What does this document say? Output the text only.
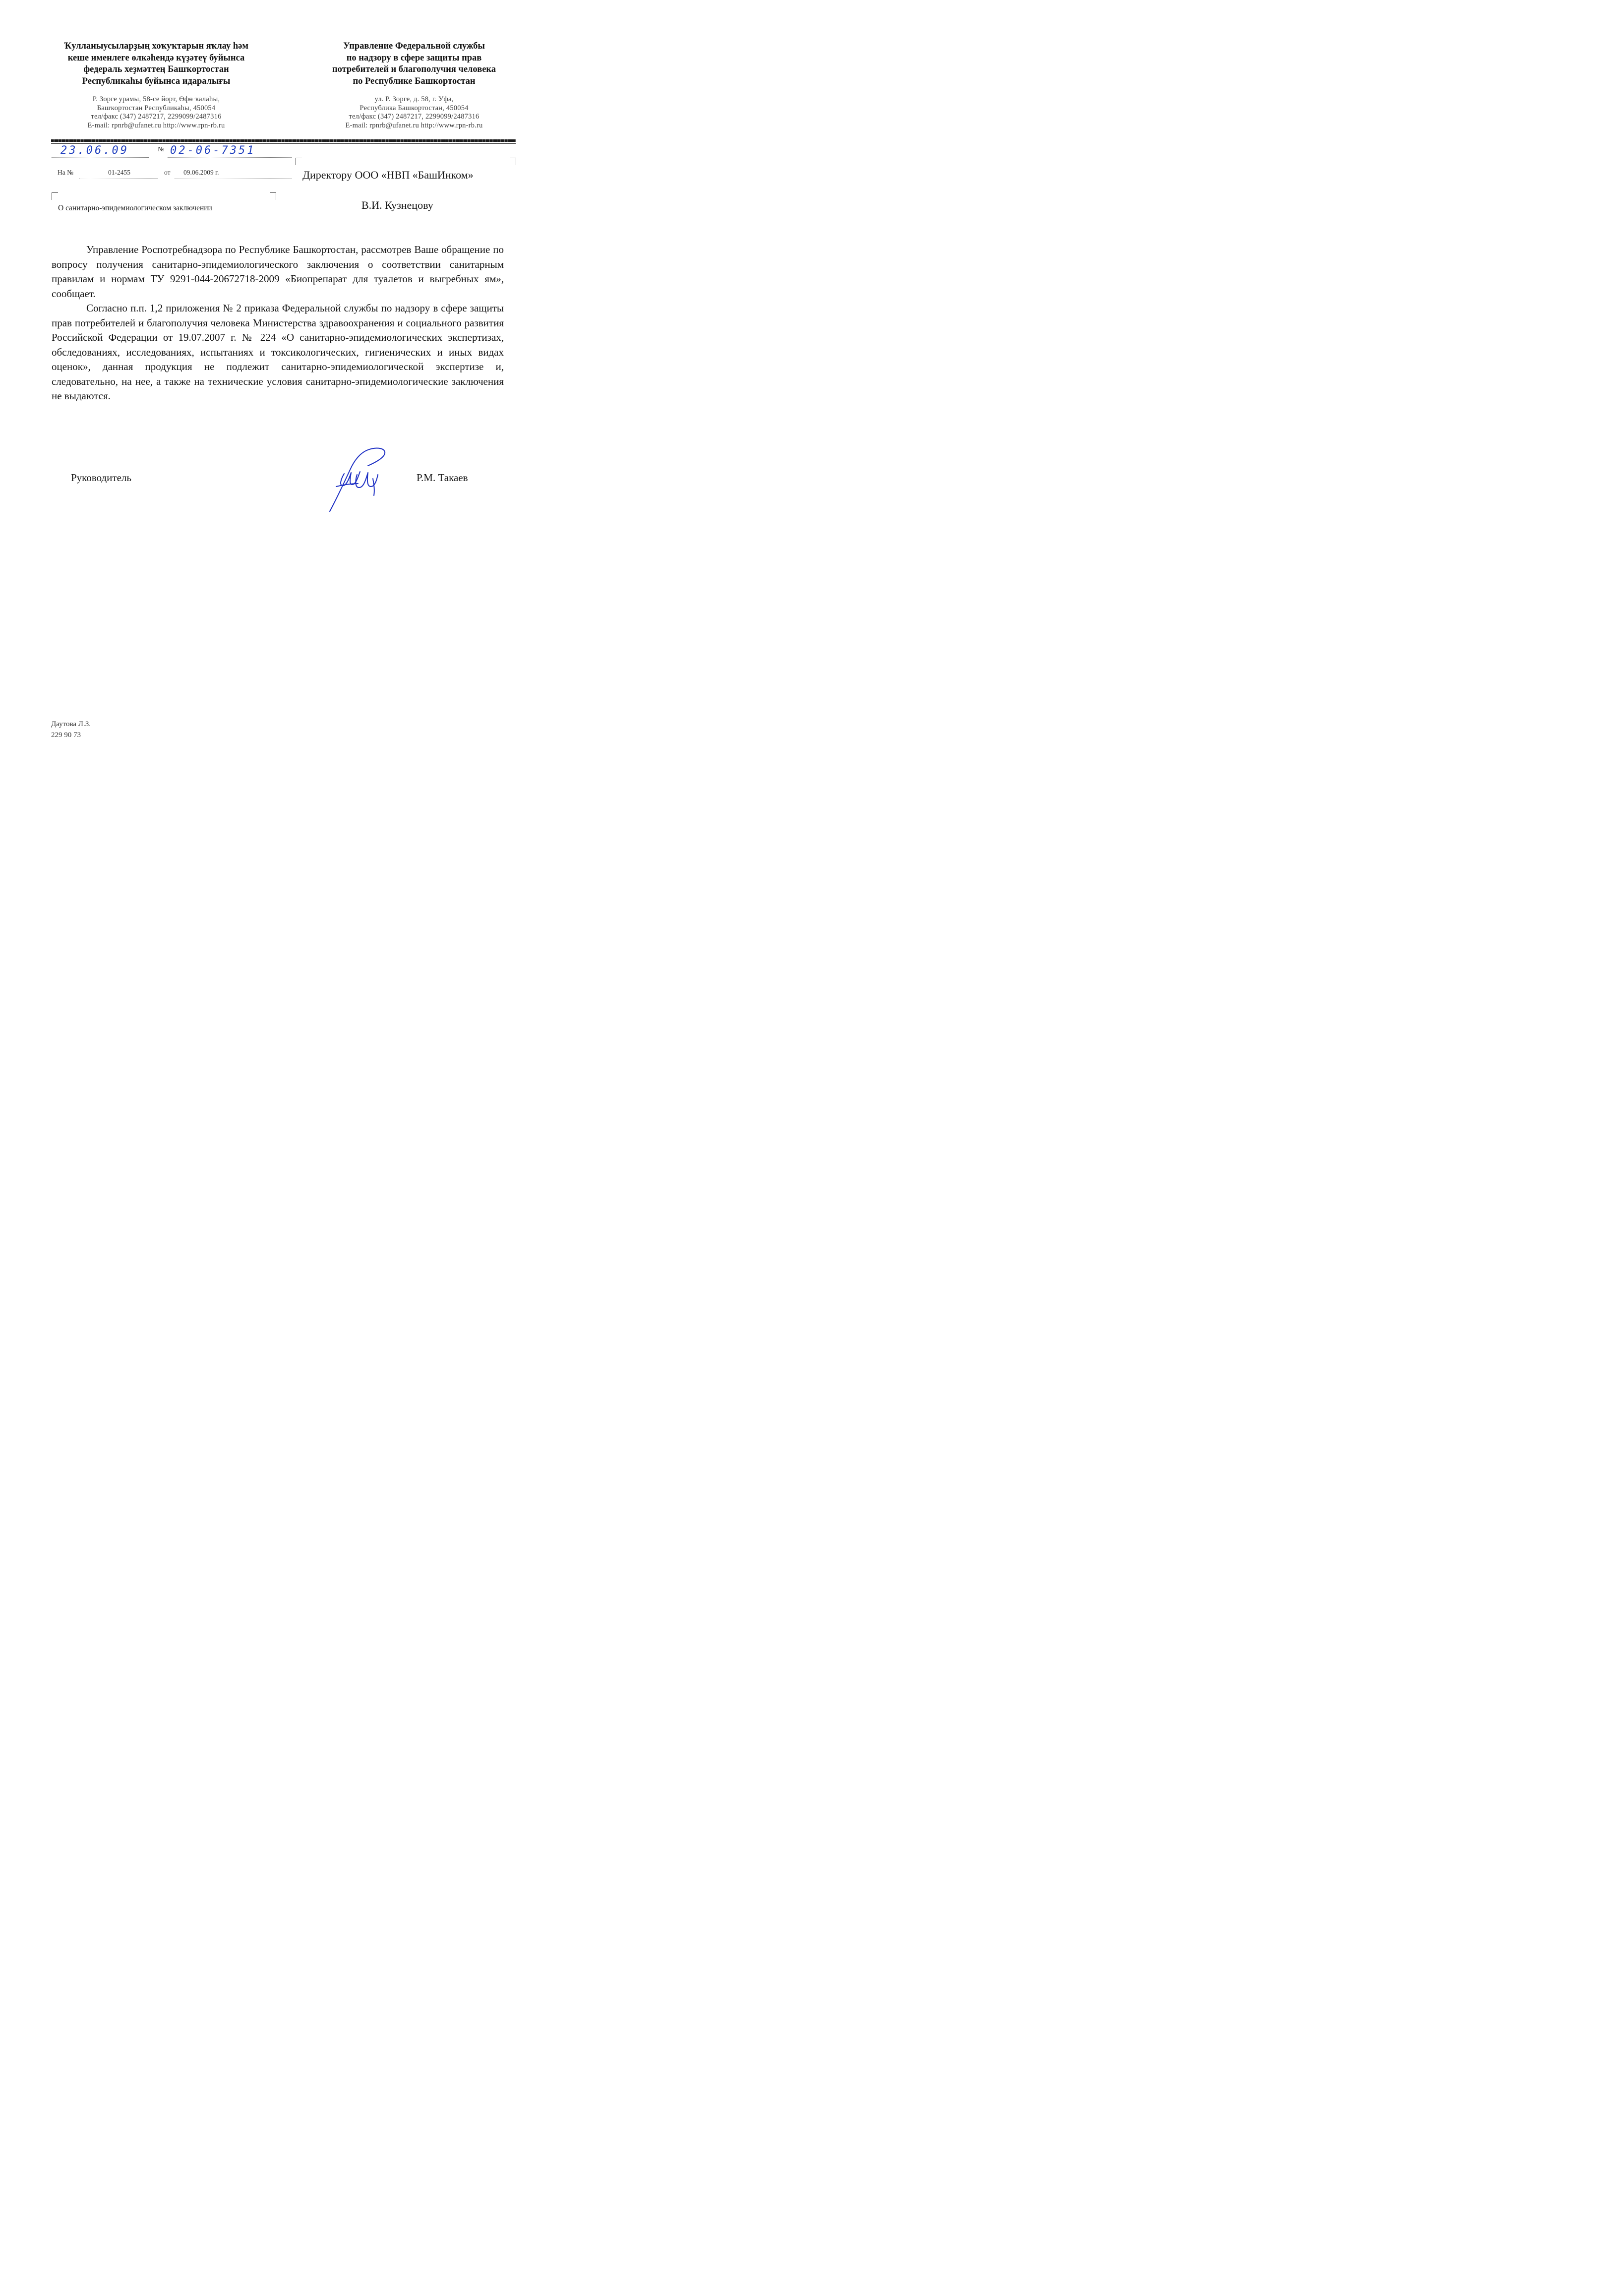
Ҡулланыусыларҙың хоҡуҡтарын яҡлау һәм
кеше именлеге өлкәһендә күҙәтеү буйынса
федераль хеҙмәттең Башҡортостан
Республикаһы буйынса идаралығы
Р. Зорге урамы, 58-се йорт, Өфө ҡалаһы,
Башҡортостан Республикаһы, 450054
тел/факс (347) 2487217, 2299099/2487316
E-mail: rpnrb@ufanet.ru http://www.rpn-rb.ru
Управление Федеральной службы
по надзору в сфере защиты прав
потребителей и благополучия человека
по Республике Башкортостан
ул. Р. Зорге, д. 58, г. Уфа,
Республика Башкортостан, 450054
тел/факс (347) 2487217, 2299099/2487316
E-mail: rpnrb@ufanet.ru http://www.rpn-rb.ru
23.06.09	№ 02-06-7351
На №	01-2455	от 09.06.2009 г.	Директору ООО «НВП «БашИнком»
В.И. Кузнецову
О санитарно-эпидемиологическом заключении

Управление Роспотребнадзора по Республике Башкортостан, рассмотрев Ваше обращение по вопросу получения санитарно-эпидемиологического заключения о соответствии санитарным правилам и нормам ТУ 9291-044-20672718-2009 «Биопрепарат для туалетов и выгребных ям», сообщает.

Согласно п.п. 1,2 приложения № 2 приказа Федеральной службы по надзору в сфере защиты прав потребителей и благополучия человека Министерства здравоохранения и социального развития Российской Федерации от 19.07.2007 г. № 224 «О санитарно-эпидемиологических экспертизах, обследованиях, исследованиях, испытаниях и токсикологических, гигиенических и иных видах оценок», данная продукция не подлежит санитарно-эпидемиологической экспертизе и, следовательно, на нее, а также на технические условия санитарно-эпидемиологические заключения не выдаются.

Руководитель	Р.М. Такаев
Даутова Л.З.
229 90 73
